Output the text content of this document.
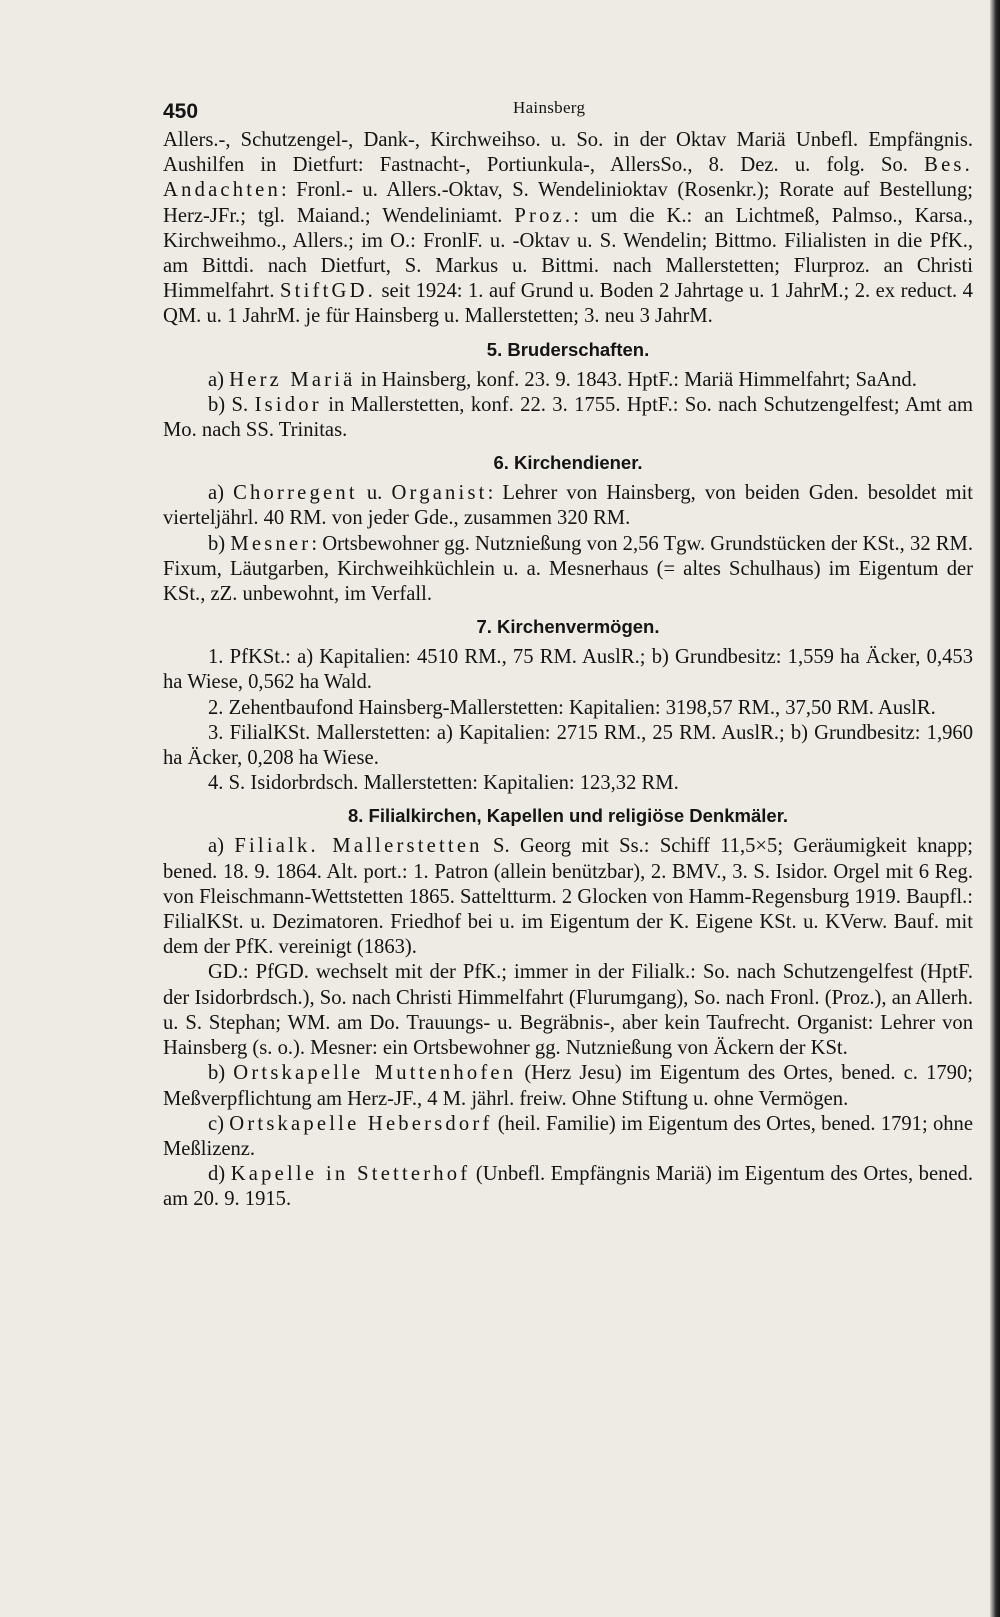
450	Hainsberg

Allers.-, Schutzengel-, Dank-, Kirchweihso. u. So. in der Oktav Mariä Unbefl. Empfängnis. Aushilfen in Dietfurt: Fastnacht-, Portiunkula-, AllersSo., 8. Dez. u. folg. So. Bes. Andachten: Fronl.- u. Allers.-Oktav, S. Wendelinioktav (Rosenkr.); Rorate auf Bestellung; Herz-JFr.; tgl. Maiand.; Wendeliniamt. Proz.: um die K.: an Lichtmeß, Palmso., Karsa., Kirchweihmo., Allers.; im O.: FronlF. u. -Oktav u. S. Wendelin; Bittmo. Filialisten in die PfK., am Bittdi. nach Dietfurt, S. Markus u. Bittmi. nach Mallerstetten; Flurproz. an Christi Himmelfahrt. StiftGD. seit 1924: 1. auf Grund u. Boden 2 Jahrtage u. 1 JahrM.; 2. ex reduct. 4 QM. u. 1 JahrM. je für Hainsberg u. Mallerstetten; 3. neu 3 JahrM.

5. Bruderschaften.

a) Herz Mariä in Hainsberg, konf. 23. 9. 1843. HptF.: Mariä Himmelfahrt; SaAnd.

b) S. Isidor in Mallerstetten, konf. 22. 3. 1755. HptF.: So. nach Schutzengelfest; Amt am Mo. nach SS. Trinitas.

6. Kirchendiener.

a) Chorregent u. Organist: Lehrer von Hainsberg, von beiden Gden. besoldet mit vierteljährl. 40 RM. von jeder Gde., zusammen 320 RM.

b) Mesner: Ortsbewohner gg. Nutznießung von 2,56 Tgw. Grundstücken der KSt., 32 RM. Fixum, Läutgarben, Kirchweihküchlein u. a. Mesnerhaus (= altes Schulhaus) im Eigentum der KSt., zZ. unbewohnt, im Verfall.

7. Kirchenvermögen.

1. PfKSt.: a) Kapitalien: 4510 RM., 75 RM. AuslR.; b) Grundbesitz: 1,559 ha Äcker, 0,453 ha Wiese, 0,562 ha Wald.

2. Zehentbaufond Hainsberg-Mallerstetten: Kapitalien: 3198,57 RM., 37,50 RM. AuslR.

3. FilialKSt. Mallerstetten: a) Kapitalien: 2715 RM., 25 RM. AuslR.; b) Grundbesitz: 1,960 ha Äcker, 0,208 ha Wiese.

4. S. Isidorbrdsch. Mallerstetten: Kapitalien: 123,32 RM.

8. Filialkirchen, Kapellen und religiöse Denkmäler.

a) Filialk. Mallerstetten S. Georg mit Ss.: Schiff 11,5×5; Geräumigkeit knapp; bened. 18. 9. 1864. Alt. port.: 1. Patron (allein benützbar), 2. BMV., 3. S. Isidor. Orgel mit 6 Reg. von Fleischmann-Wettstetten 1865. Satteltturm. 2 Glocken von Hamm-Regensburg 1919. Baupfl.: FilialKSt. u. Dezimatoren. Friedhof bei u. im Eigentum der K. Eigene KSt. u. KVerw. Bauf. mit dem der PfK. vereinigt (1863).

GD.: PfGD. wechselt mit der PfK.; immer in der Filialk.: So. nach Schutzengelfest (HptF. der Isidorbrdsch.), So. nach Christi Himmelfahrt (Flurumgang), So. nach Fronl. (Proz.), an Allerh. u. S. Stephan; WM. am Do. Trauungs- u. Begräbnis-, aber kein Taufrecht. Organist: Lehrer von Hainsberg (s. o.). Mesner: ein Ortsbewohner gg. Nutznießung von Äckern der KSt.

b) Ortskapelle Muttenhofen (Herz Jesu) im Eigentum des Ortes, bened. c. 1790; Meßverpflichtung am Herz-JF., 4 M. jährl. freiw. Ohne Stiftung u. ohne Vermögen.

c) Ortskapelle Hebersdorf (heil. Familie) im Eigentum des Ortes, bened. 1791; ohne Meßlizenz.

d) Kapelle in Stetterhof (Unbefl. Empfängnis Mariä) im Eigentum des Ortes, bened. am 20. 9. 1915.
